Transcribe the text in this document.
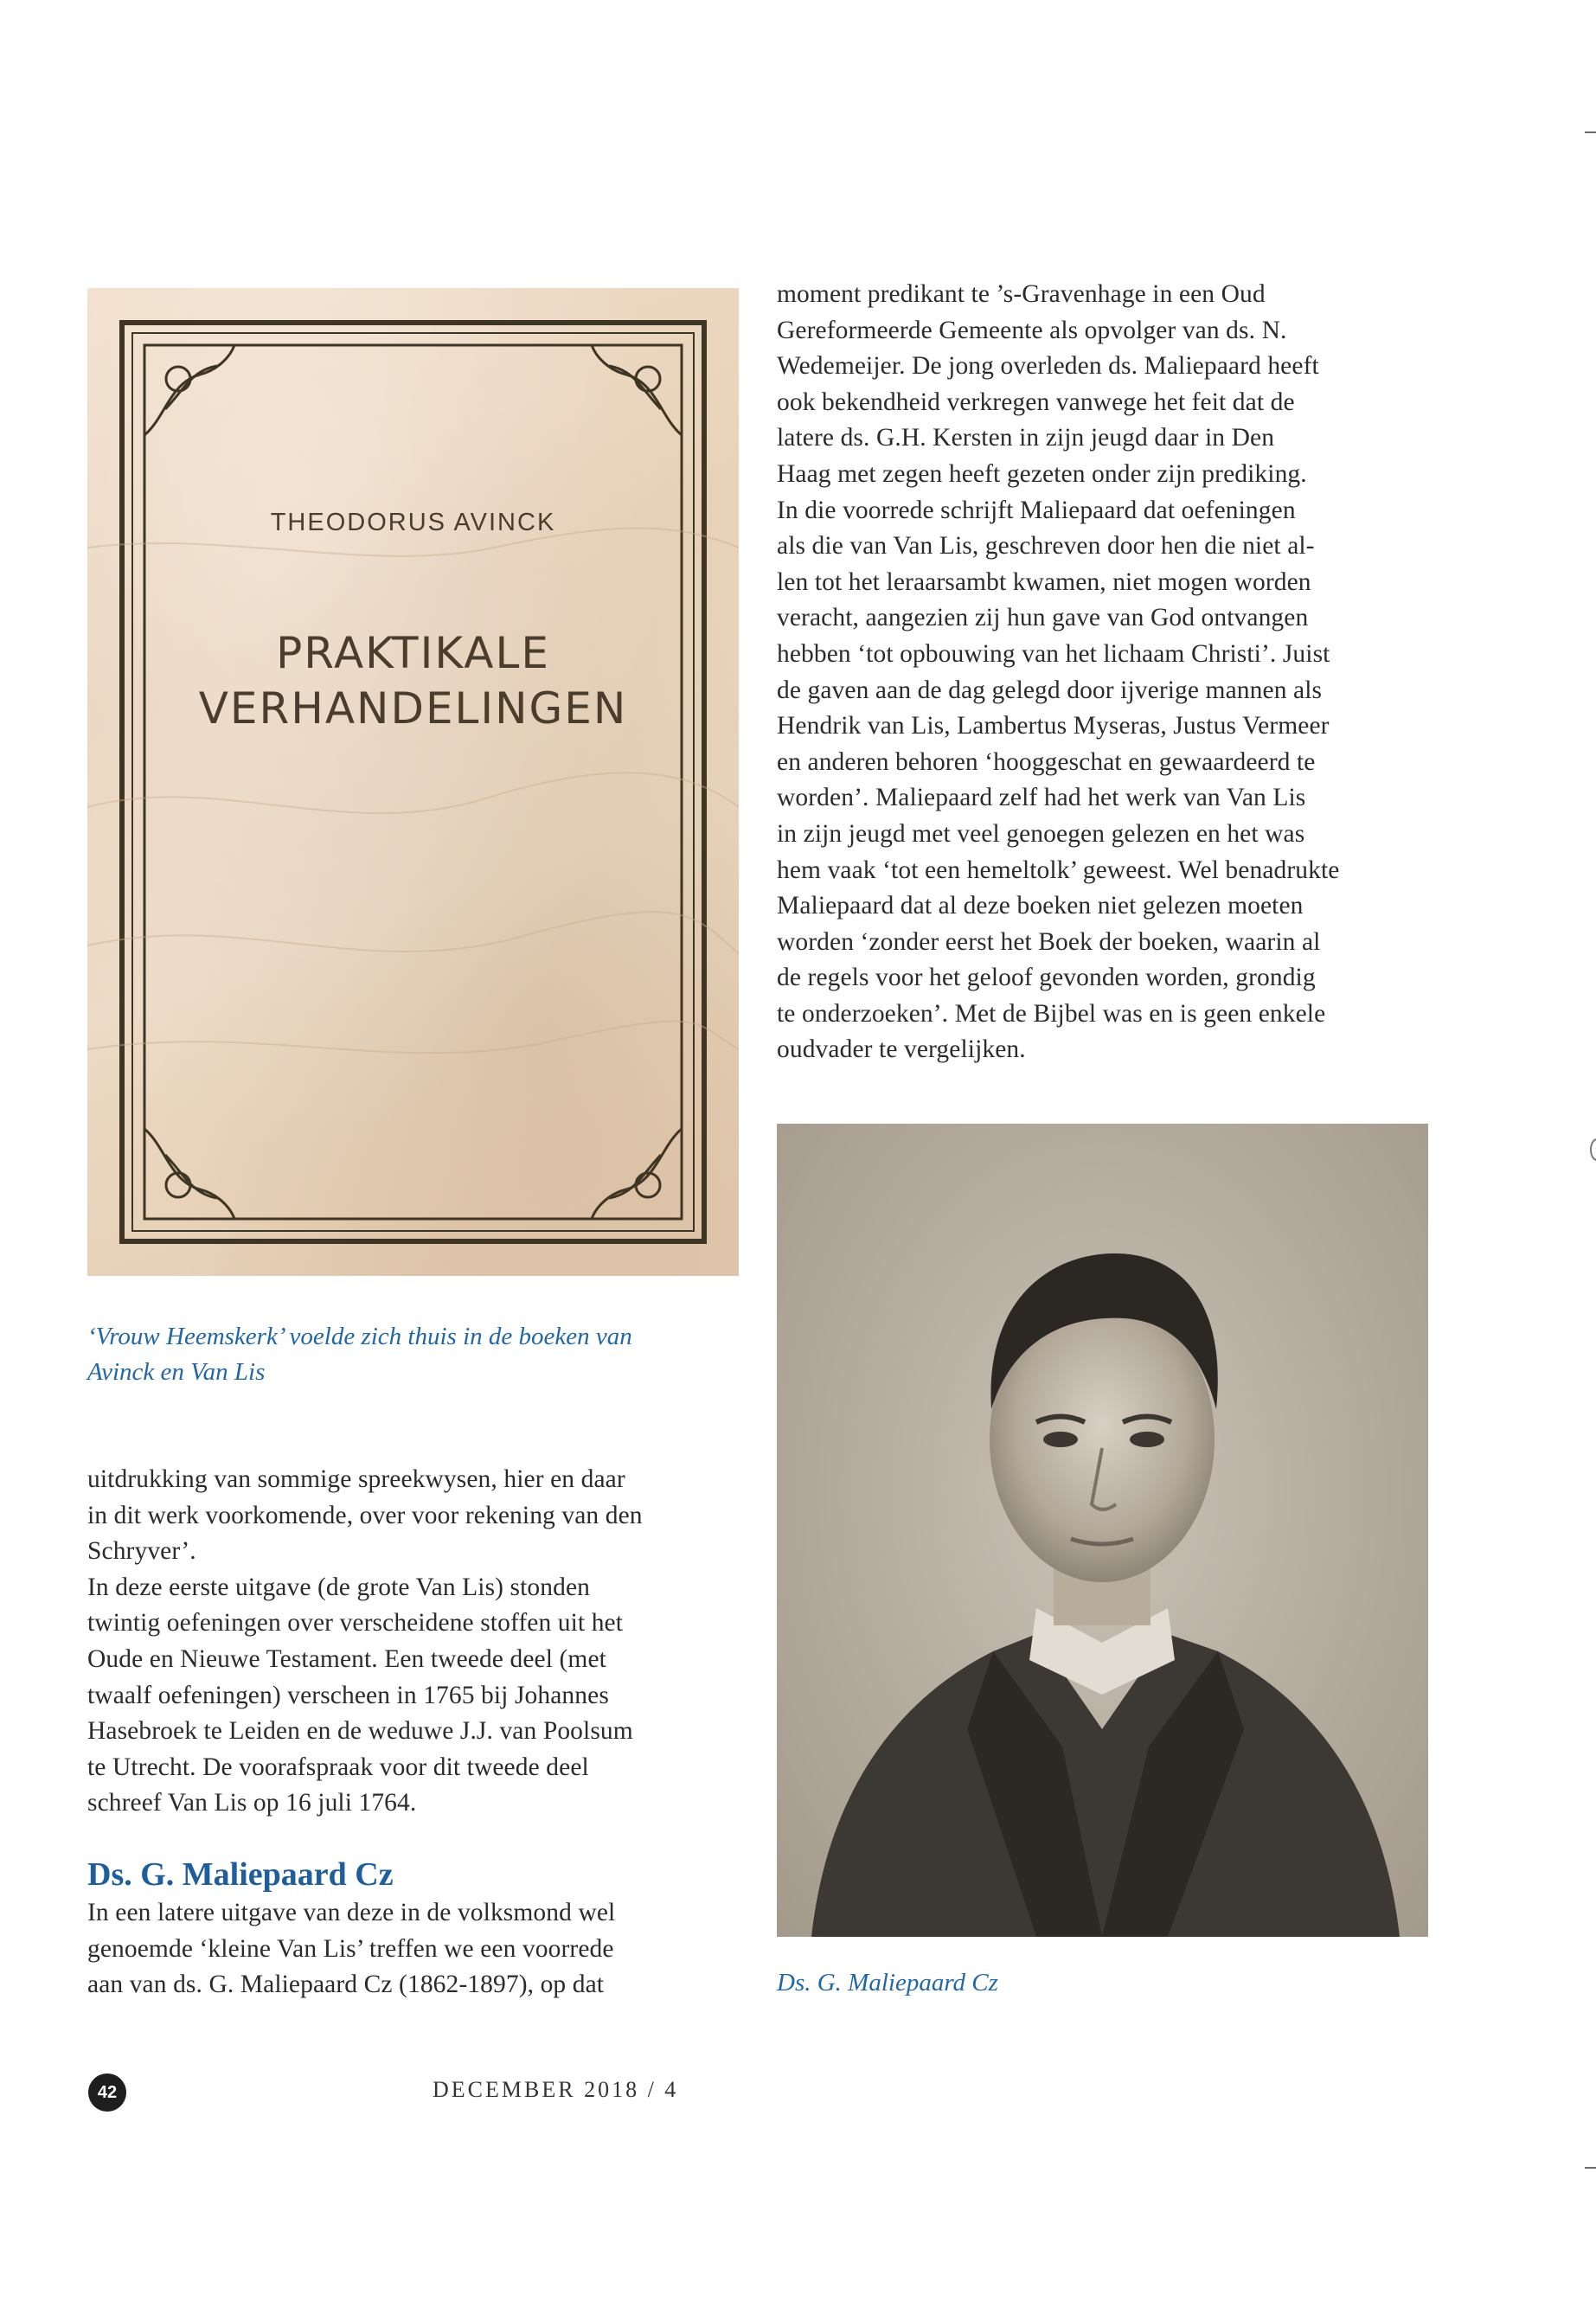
THEODORUS AVINCK
PRAKTIKALE
VERHANDELINGEN

moment predikant te ’s-Gravenhage in een Oud

Gereformeerde Gemeente als opvolger van ds. N.

Wedemeijer. De jong overleden ds. Maliepaard heeft

ook bekendheid verkregen vanwege het feit dat de

latere ds. G.H. Kersten in zijn jeugd daar in Den

Haag met zegen heeft gezeten onder zijn prediking.

In die voorrede schrijft Maliepaard dat oefeningen

als die van Van Lis, geschreven door hen die niet al-

len tot het leraarsambt kwamen, niet mogen worden

veracht, aangezien zij hun gave van God ontvangen

hebben ‘tot opbouwing van het lichaam Christi’. Juist

de gaven aan de dag gelegd door ijverige mannen als

Hendrik van Lis, Lambertus Myseras, Justus Vermeer

en anderen behoren ‘hooggeschat en gewaardeerd te

worden’. Maliepaard zelf had het werk van Van Lis

in zijn jeugd met veel genoegen gelezen en het was

hem vaak ‘tot een hemeltolk’ geweest. Wel benadrukte

Maliepaard dat al deze boeken niet gelezen moeten

worden ‘zonder eerst het Boek der boeken, waarin al

de regels voor het geloof gevonden worden, grondig

te onderzoeken’. Met de Bijbel was en is geen enkele

oudvader te vergelijken.

‘Vrouw Heemskerk’ voelde zich thuis in de boeken van
Avinck en Van Lis

uitdrukking van sommige spreekwysen, hier en daar

in dit werk voorkomende, over voor rekening van den

Schryver’.

In deze eerste uitgave (de grote Van Lis) stonden

twintig oefeningen over verscheidene stoffen uit het

Oude en Nieuwe Testament. Een tweede deel (met

twaalf oefeningen) verscheen in 1765 bij Johannes

Hasebroek te Leiden en de weduwe J.J. van Poolsum

te Utrecht. De voorafspraak voor dit tweede deel

schreef Van Lis op 16 juli 1764.

Ds. G. Maliepaard Cz

In een latere uitgave van deze in de volksmond wel

genoemde ‘kleine Van Lis’ treffen we een voorrede

aan van ds. G. Maliepaard Cz (1862-1897), op dat	Ds. G. Maliepaard Cz
42	DECEMBER 2018 / 4
